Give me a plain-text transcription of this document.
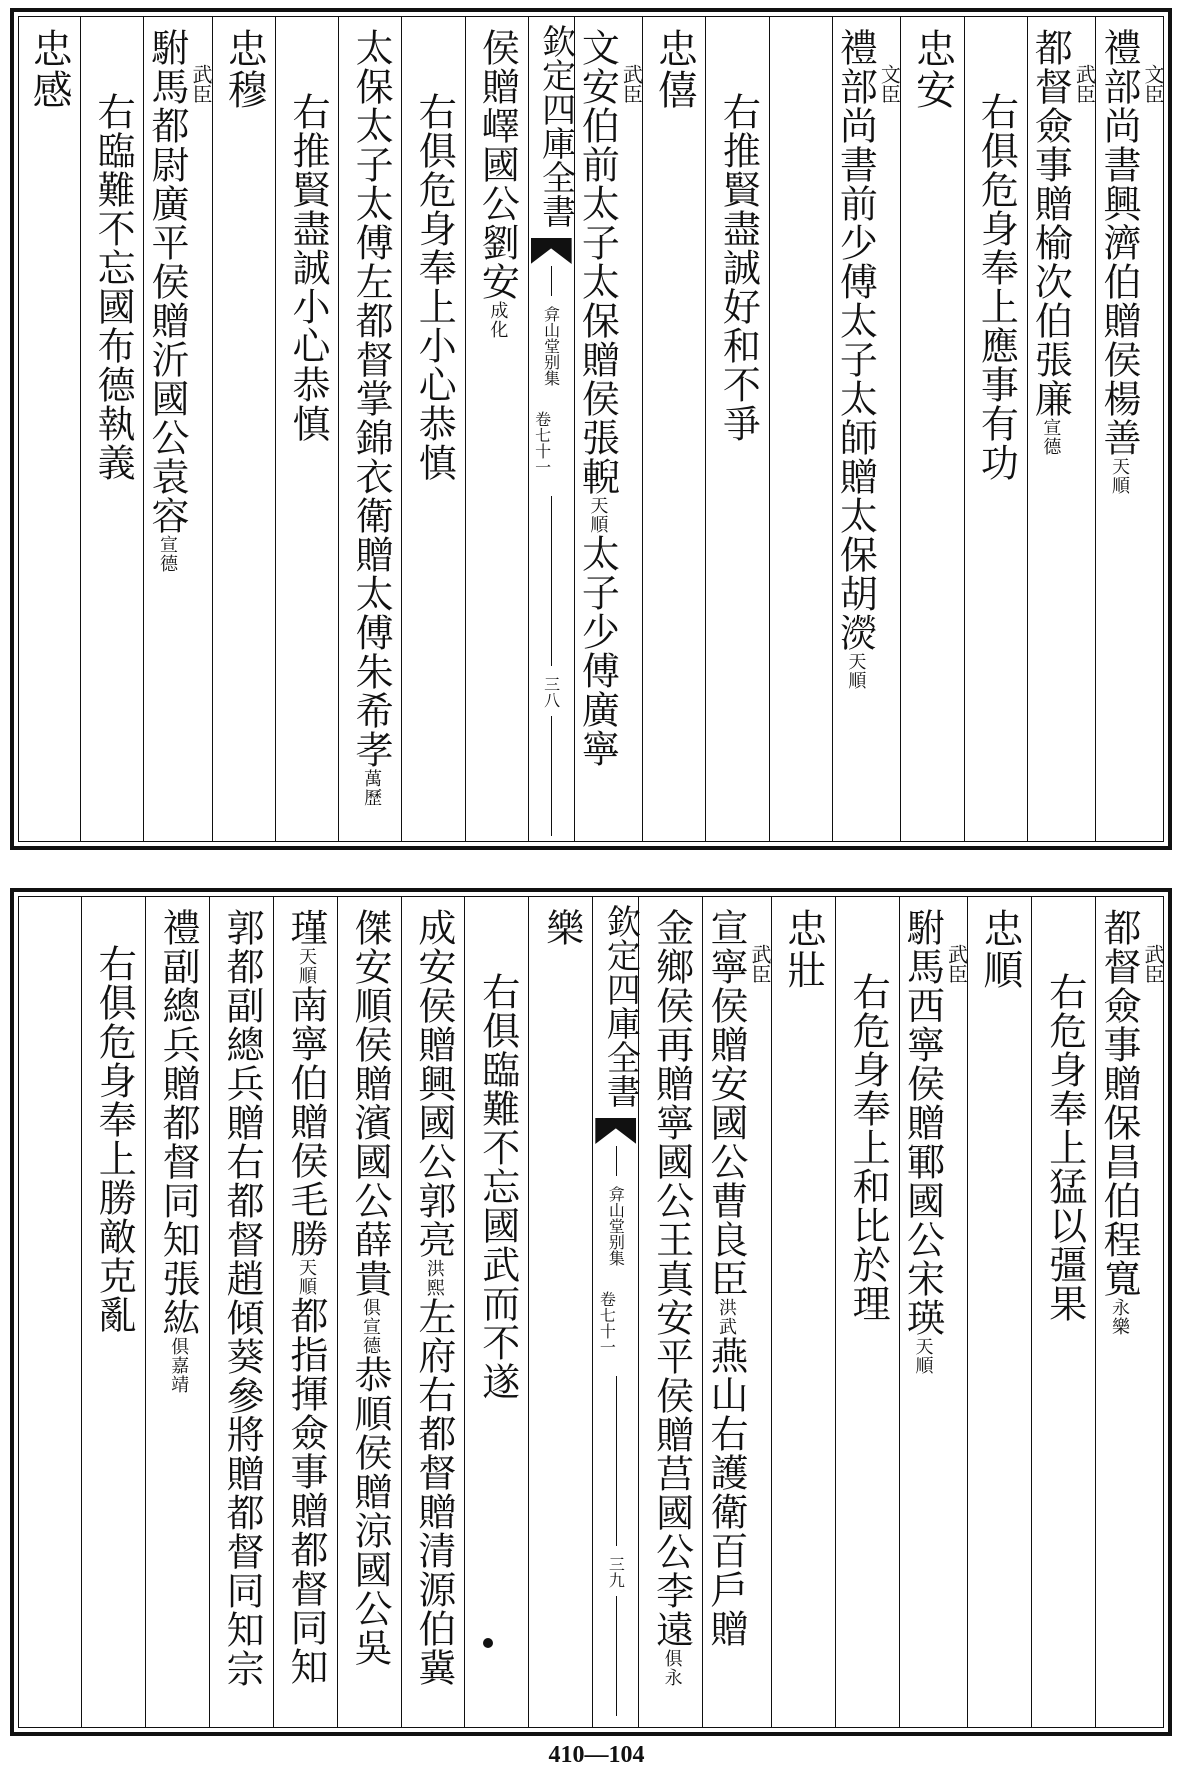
文臣
禮部尚書興濟伯贈侯楊善天順
武臣
都督僉事贈榆次伯張廉宣德
右俱危身奉上應事有功
忠安
文臣
禮部尚書前少傅太子太師贈太保胡濙天順
右推賢盡誠好和不爭
忠僖
武臣
文安伯前太子太保贈侯張輗天順太子少傅廣寧
欽定四庫全書
弇山堂别集
卷七十一
三八
侯贈嶧國公劉安成化
右俱危身奉上小心恭慎
太保太子太傅左都督掌錦衣衛贈太傅朱希孝萬歷
右推賢盡誠小心恭慎
忠穆
武臣
駙馬都尉廣平侯贈沂國公袁容宣德
右臨難不忘國布德執義
忠感
武臣
都督僉事贈保昌伯程寬永樂
右危身奉上猛以彊果
忠順
武臣
駙馬西寧侯贈鄆國公宋瑛天順
右危身奉上和比於理
忠壯
武臣
宣寧侯贈安國公曹良臣洪武燕山右護衛百戶贈
金鄉侯再贈寧國公王真安平侯贈莒國公李遠俱永
欽定四庫全書
弇山堂别集
卷七十一
三九
樂
右俱臨難不忘國武而不遂
成安侯贈興國公郭亮洪熙左府右都督贈清源伯冀
傑安順侯贈濱國公薛貴俱宣德恭順侯贈涼國公吳
瑾天順南寧伯贈侯毛勝天順都指揮僉事贈都督同知
郭都副總兵贈右都督趙傾葵參將贈都督同知宗
禮副總兵贈都督同知張紘俱嘉靖
右俱危身奉上勝敵克亂
410—104
